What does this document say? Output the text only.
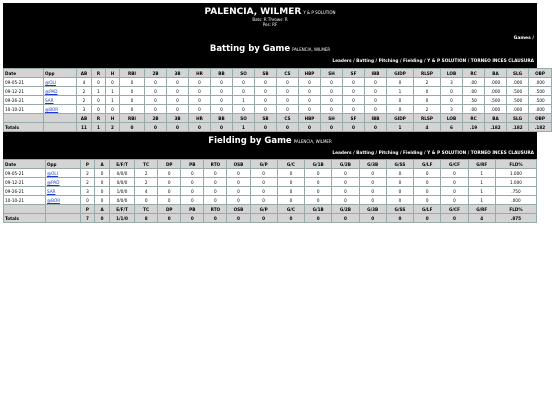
PALENCIA, WILMER Y & P SOLUTION
Bats: R Throws: R
Pos: RF
Games /
Batting by Game PALENCIA, WILMER
Leaders / Batting / Pitching / Fielding / Y & P SOLUTION / TORNEO INCES CLAUSURA
Date	Opp	AB	R	H	RBI	2B	3B	HR	BB	SO	SB	CS	HBP	SH	SF	IBB	GIDP	RLSP	LOB	RC	BA	SLG	OBP
09-05-21	@OLI	4	0	0	0	0	0	0	0	0	0	0	0	0	0	0	0	2	3	.00	.000	.000	.000
09-12-21	@PAD	2	1	1	0	0	0	0	0	0	0	0	0	0	0	0	1	0	0	.00	.000	.500	.500
09-26-21	SAR	2	0	1	0	0	0	0	0	1	0	0	0	0	0	0	0	0	0	.50	.500	.500	.500
10-10-21	@BOR	3	0	0	0	0	0	0	0	0	0	0	0	0	0	0	0	2	3	.00	.000	.000	.000
		AB	R	H	RBI	2B	3B	HR	BB	SO	SB	CS	HBP	SH	SF	IBB	GIDP	RLSP	LOB	RC	BA	SLG	OBP
Totals		11	1	2	0	0	0	0	0	1	0	0	0	0	0	0	1	4	6	.19	.182	.182	.182
Fielding by Game PALENCIA, WILMER
Leaders / Batting / Pitching / Fielding / Y & P SOLUTION / TORNEO INCES CLAUSURA
Date	Opp	P	A	E/F/T	TC	DP	PB	RTO	OSB	G/P	G/C	G/1B	G/2B	G/3B	G/SS	G/LF	G/CF	G/RF	FLD%
09-05-21	@OLI	2	0	0/0/0	2	0	0	0	0	0	0	0	0	0	0	0	0	1	1.000
09-12-21	@PAD	2	0	0/0/0	2	0	0	0	0	0	0	0	0	0	0	0	0	1	1.000
09-26-21	SAR	3	0	1/0/0	4	0	0	0	0	0	0	0	0	0	0	0	0	1	.750
10-10-21	@BOR	0	0	0/0/0	0	0	0	0	0	0	0	0	0	0	0	0	0	1	.000
		P	A	E/F/T	TC	DP	PB	RTO	OSB	G/P	G/C	G/1B	G/2B	G/3B	G/SS	G/LF	G/CF	G/RF	FLD%
Totals		7	0	1/1/0	8	0	0	0	0	0	0	0	0	0	0	0	0	4	.875
